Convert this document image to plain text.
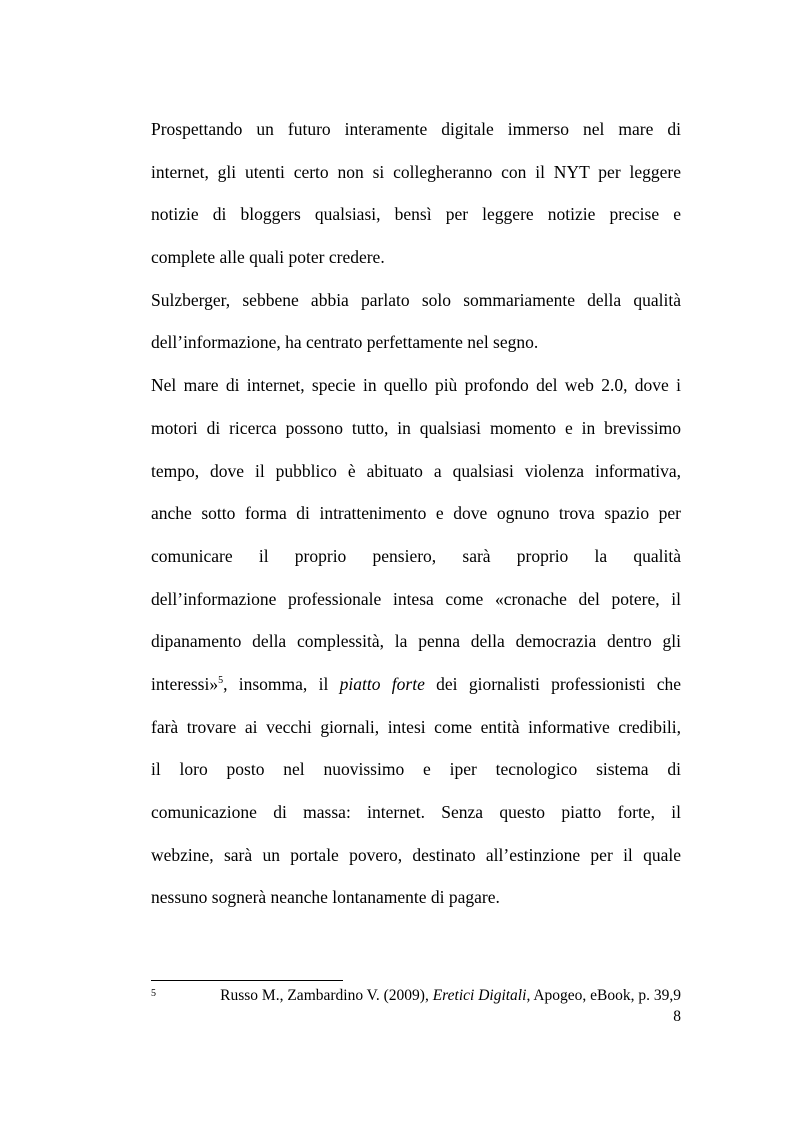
Prospettando un futuro interamente digitale immerso nel mare di
internet, gli utenti certo non si collegheranno con il NYT per leggere
notizie di bloggers qualsiasi, bensì per leggere notizie precise e
complete alle quali poter credere.
Sulzberger, sebbene abbia parlato solo sommariamente della qualità
dell’informazione, ha centrato perfettamente nel segno.
Nel mare di internet, specie in quello più profondo del web 2.0, dove i
motori di ricerca possono tutto, in qualsiasi momento e in brevissimo
tempo, dove il pubblico è abituato a qualsiasi violenza informativa,
anche sotto forma di intrattenimento e dove ognuno trova spazio per
comunicare il proprio pensiero, sarà proprio la qualità
dell’informazione professionale intesa come «cronache del potere, il
dipanamento della complessità, la penna della democrazia dentro gli
interessi»$^5$, insomma, il piatto forte dei giornalisti professionisti che
farà trovare ai vecchi giornali, intesi come entità informative credibili,
il loro posto nel nuovissimo e iper tecnologico sistema di
comunicazione di massa: internet. Senza questo piatto forte, il
webzine, sarà un portale povero, destinato all’estinzione per il quale
nessuno sognerà neanche lontanamente di pagare.
5	Russo M., Zambardino V. (2009), Eretici Digitali, Apogeo, eBook, p. 39,9
8
